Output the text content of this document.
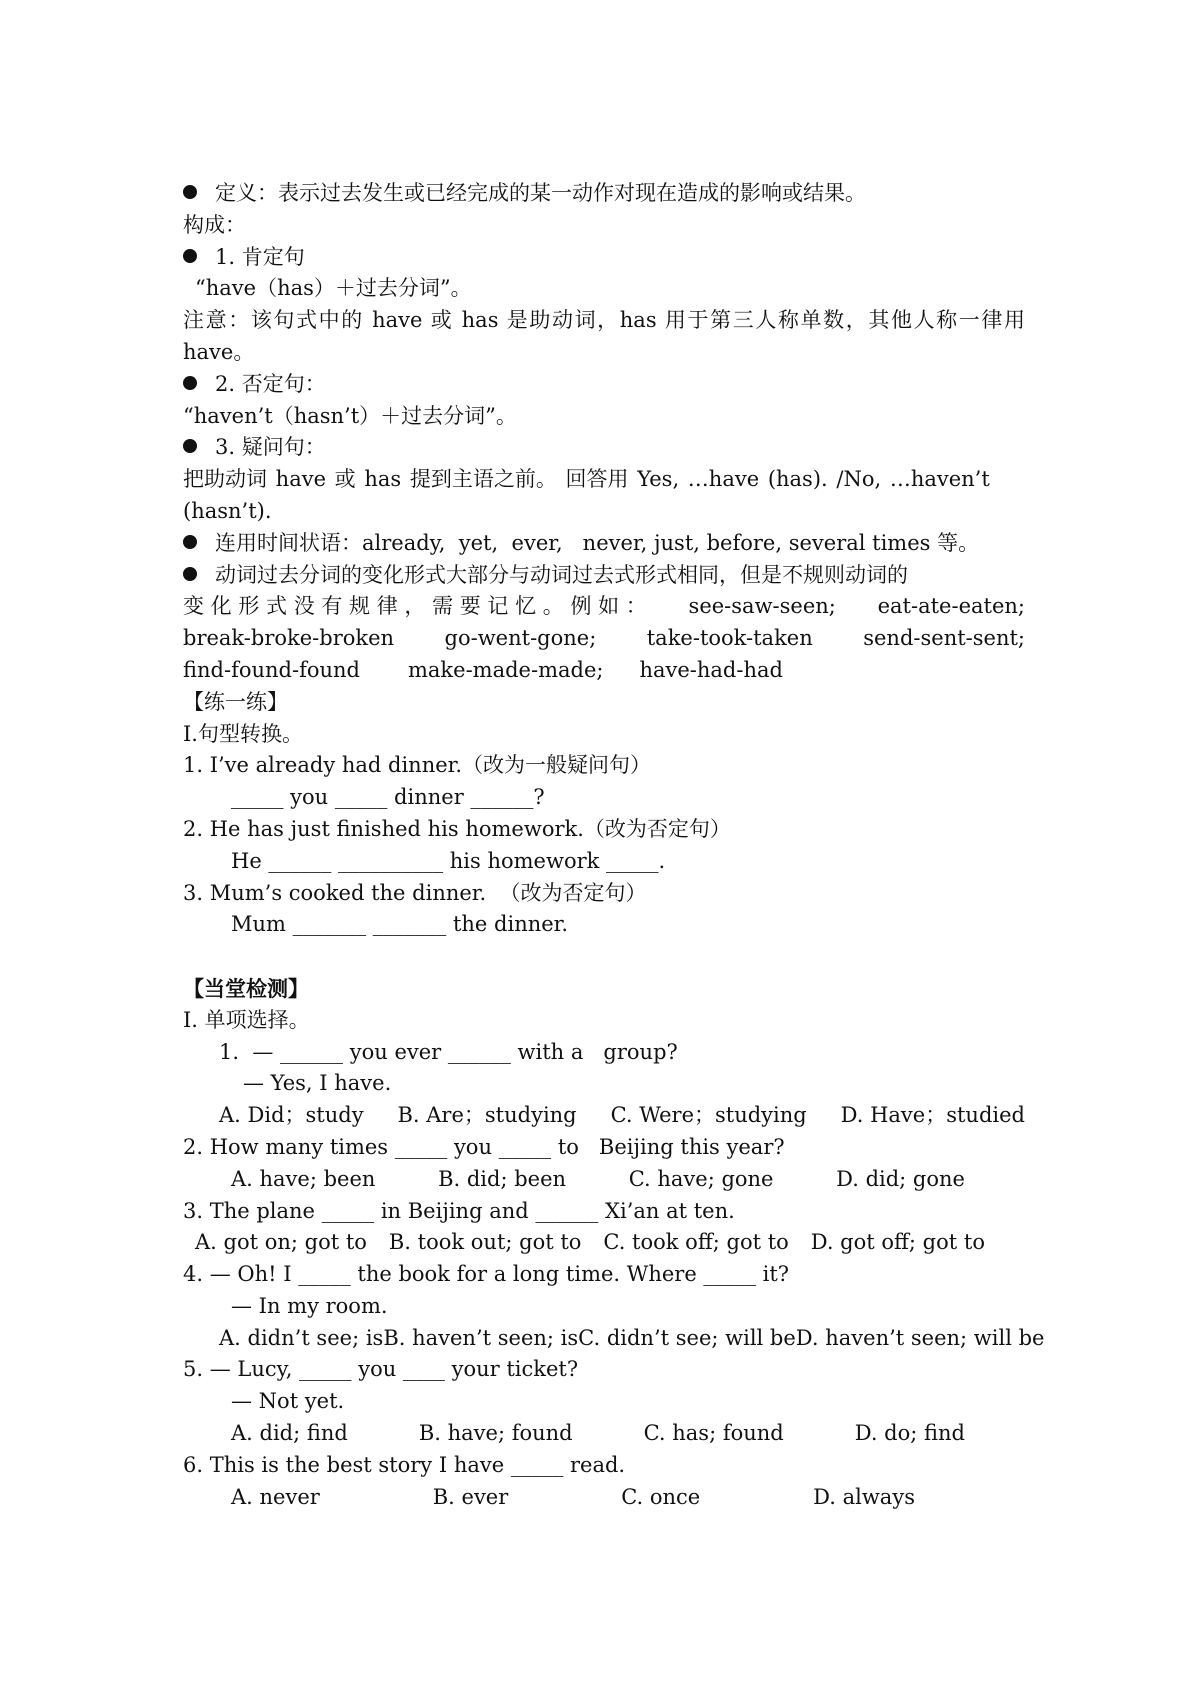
定义：表示过去发生或已经完成的某一动作对现在造成的影响或结果。
构成：
1. 肯定句
“have（has）＋过去分词”。
注意：该句式中的 have 或 has 是助动词，has 用于第三人称单数，其他人称一律用 have。
2. 否定句：
“haven’t（hasn’t）＋过去分词”。
3. 疑问句：
把助动词 have 或 has 提到主语之前。 回答用 Yes, …have (has). /No, …haven’t (hasn’t).
连用时间状语：already,  yet,  ever,   never, just, before, several times 等。
动词过去分词的变化形式大部分与动词过去式形式相同，但是不规则动词的
变 化 形 式 没 有 规 律 ， 需 要 记 忆 。 例 如 ： see-saw-seen; eat-ate-eaten;
break-broke-broken go-went-gone; take-took-taken send-sent-sent;
find-found-found make-made-made; have-had-had
【练一练】
I.句型转换。
1. I’ve already had dinner.（改为一般疑问句）
_____ you _____ dinner ______?
2. He has just finished his homework.（改为否定句）
He ______ __________ his homework _____.
3. Mum’s cooked the dinner.  （改为否定句）
Mum _______ _______ the dinner.
【当堂检测】
I. 单项选择。
1.  — ______ you ever ______ with a   group?
— Yes, I have.
A. Did；study B. Are；studying C. Were；studying D. Have；studied
2. How many times _____ you _____ to   Beijing this year?
A. have; been	B. did; been	C. have; gone	D. did; gone
3. The plane _____ in Beijing and ______ Xi’an at ten.
A. got on; got to B. took out; got to C. took off; got to D. got off; got to
4. — Oh! I _____ the book for a long time. Where _____ it?
— In my room.
A. didn’t see; is B. haven’t seen; is C. didn’t see; will be D. haven’t seen; will be
5. — Lucy, _____ you ____ your ticket?
— Not yet.
A. did; find	B. have; found	C. has; found	D. do; find
6. This is the best story I have _____ read.
A. never	B. ever	C. once	D. always
